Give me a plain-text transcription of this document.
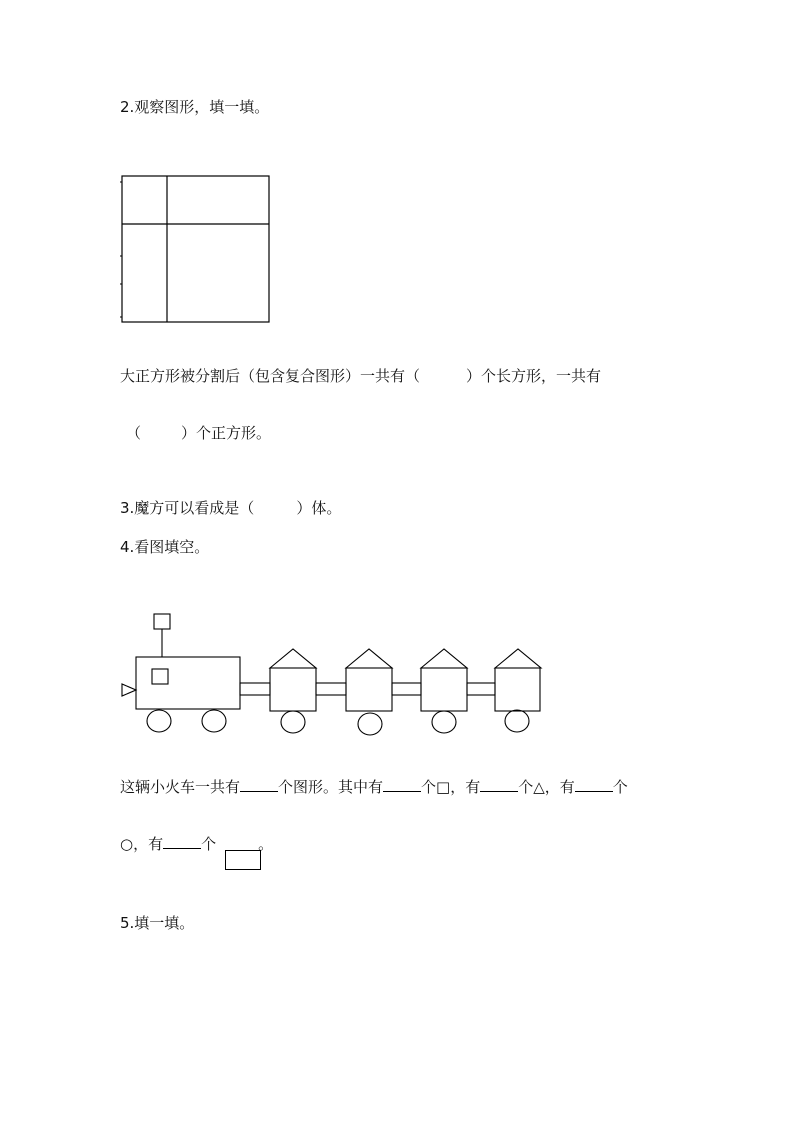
2.观察图形，填一填。
大正方形被分割后（包含复合图形）一共有（	）个长方形，一共有
（	）个正方形。
3.魔方可以看成是（	）体。
4.看图填空。
这辆小火车一共有	个图形。其中有	个□，有	个△，有	个
○，有	个	。
5.填一填。
